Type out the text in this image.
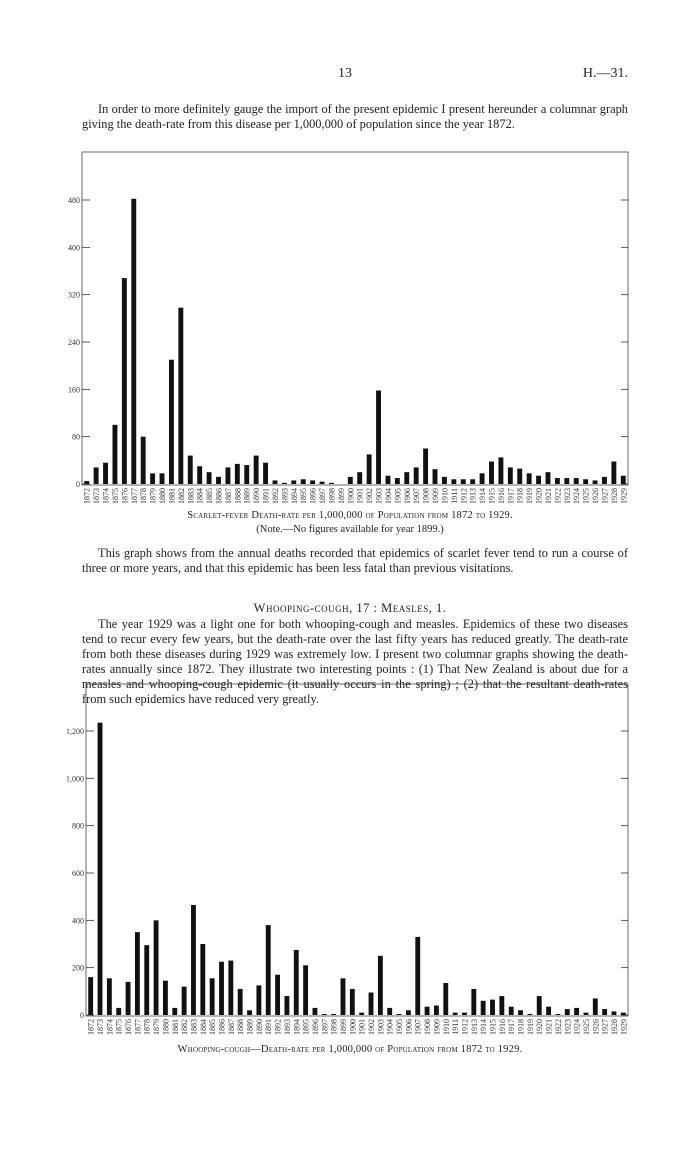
13	H.—31.

In order to more definitely gauge the import of the present epidemic I present hereunder a columnar graph giving the death-rate from this disease per 1,000,000 of population since the year 1872.

0
80
160
240
320
400
480
1872 1873 1874 1875 1876 1877 1878 1879 1880 1881 1882 1883 1884 1885 1886 1887 1888 1889 1890 1891 1892 1893 1894 1895 1896 1897 1898 1899 1900 1901 1902 1903 1904 1905 1906 1907 1908 1909 1910 1911 1912 1913 1914 1915 1916 1917 1918 1919 1920 1921 1922 1923 1924 1925 1926 1927 1928 1929
Scarlet-fever Death-rate per 1,000,000 of Population from 1872 to 1929.
(Note.—No figures available for year 1899.)

This graph shows from the annual deaths recorded that epidemics of scarlet fever tend to run a course of three or more years, and that this epidemic has been less fatal than previous visitations.

Whooping-cough, 17 : Measles, 1.

The year 1929 was a light one for both whooping-cough and measles. Epidemics of these two diseases tend to recur every few years, but the death-rate over the last fifty years has reduced greatly. The death-rate from both these diseases during 1929 was extremely low. I present two columnar graphs showing the death-rates annually since 1872. They illustrate two interesting points : (1) That New Zealand is about due for a measles and whooping-cough epidemic (it usually occurs in the spring) ; (2) that the resultant death-rates from such epidemics have reduced very greatly.

0
200
400
600
800
1,000
1,200
1872 1873 1874 1875 1876 1877 1878 1879 1880 1881 1882 1883 1884 1885 1886 1887 1888 1889 1890 1891 1892 1893 1894 1895 1896 1897 1898 1899 1900 1901 1902 1903 1904 1905 1906 1907 1908 1909 1910 1911 1912 1913 1914 1915 1916 1917 1918 1919 1920 1921 1922 1923 1924 1925 1926 1927 1928 1929
Whooping-cough—Death-rate per 1,000,000 of Population from 1872 to 1929.
